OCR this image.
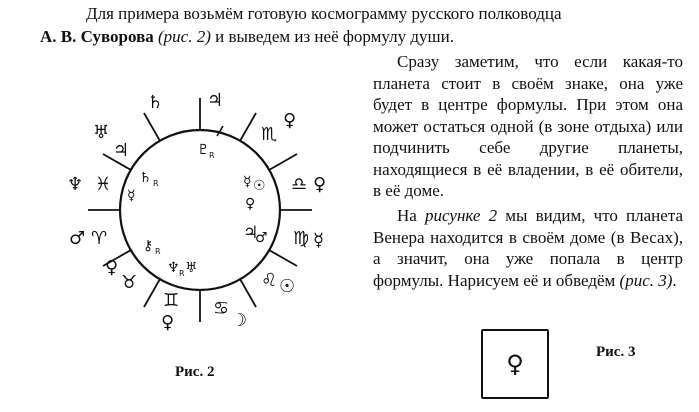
Для примера возьмём готовую космограмму русского полководца
А. В. Суворова (рис. 2) и выведем из неё формулу души.
Сразу заметим, что если какая-то планета стоит в своём знаке, она уже будет в центре формулы. При этом она может остаться одной (в зоне отдыха) или подчинить себе другие планеты, находящиеся в её владении, в её обители, в её доме.
На рисунке 2 мы видим, что планета Венера находится в своём доме (в Весах), а значит, она уже попала в центр формулы. Нарисуем её и обведём (рис. 3).
♃
♄
♅
♃
♆ ♓
♂ ♈
♀
♉
♊
♀
♋
☽
♌ ☉
♍ ☿
♎ ♀
♏
♀
♇ R
♄ R
☿
☿ ☉
♀
♃
♂
⚷ R
♆ R ♅
Рис. 2	♀	Рис. 3
